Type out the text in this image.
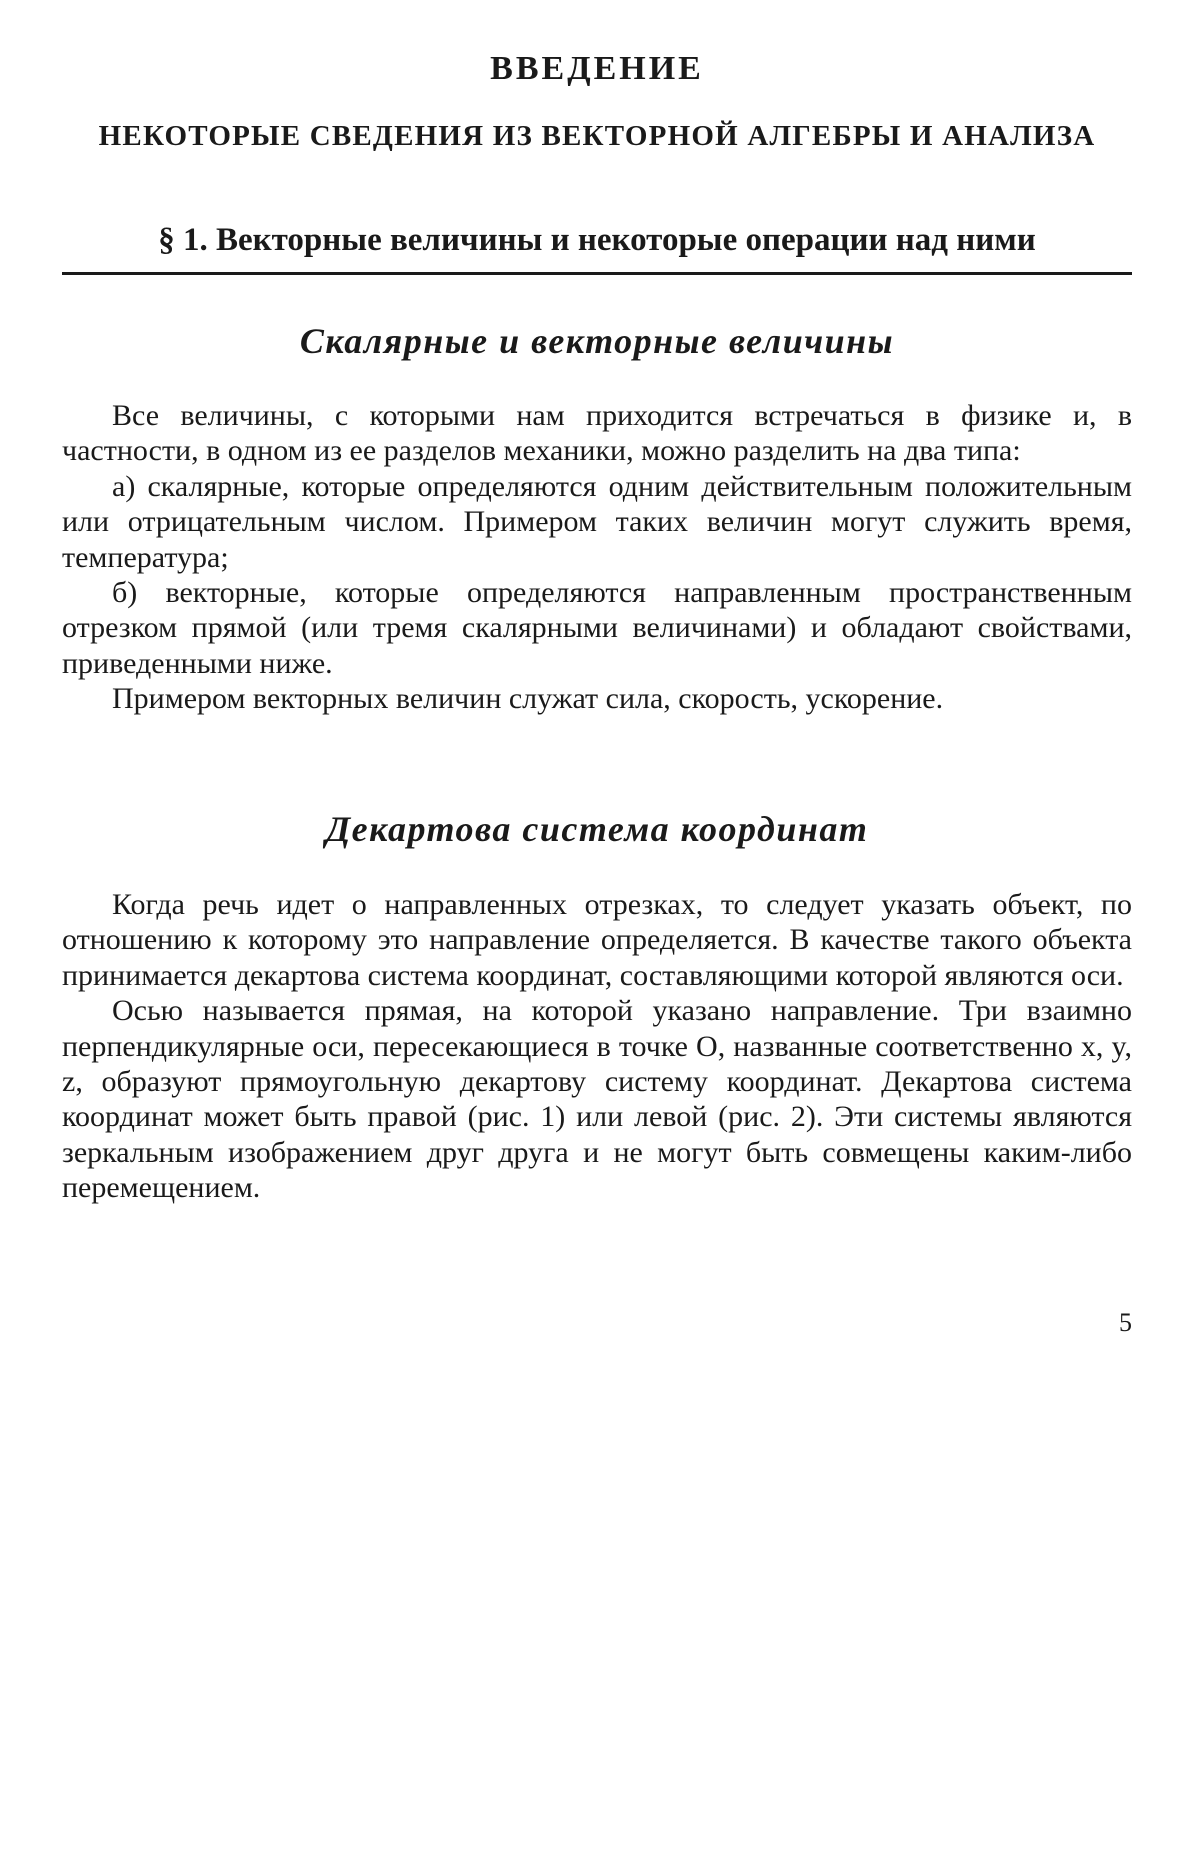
ВВЕДЕНИЕ
НЕКОТОРЫЕ СВЕДЕНИЯ ИЗ ВЕКТОРНОЙ АЛГЕБРЫ И АНАЛИЗА
§ 1. Векторные величины и некоторые операции над ними
Скалярные и векторные величины

Все величины, с которыми нам приходится встречаться в физике и, в частности, в одном из ее разделов механики, можно разделить на два типа:

а) скалярные, которые определяются одним действительным положительным или отрицательным числом. Примером таких величин могут служить время, температура;

б) векторные, которые определяются направленным пространственным отрезком прямой (или тремя скалярными величинами) и обладают свойствами, приведенными ниже.

Примером векторных величин служат сила, скорость, ускорение.

Декартова система координат

Когда речь идет о направленных отрезках, то следует указать объект, по отношению к которому это направление определяется. В качестве такого объекта принимается декартова система координат, составляющими которой являются оси.

Осью называется прямая, на которой указано направление. Три взаимно перпендикулярные оси, пересекающиеся в точке O, названные соответственно x, y, z, образуют прямоугольную декартову систему координат. Декартова система координат может быть правой (рис. 1) или левой (рис. 2). Эти системы являются зеркальным изображением друг друга и не могут быть совмещены каким-либо перемещением.

5
